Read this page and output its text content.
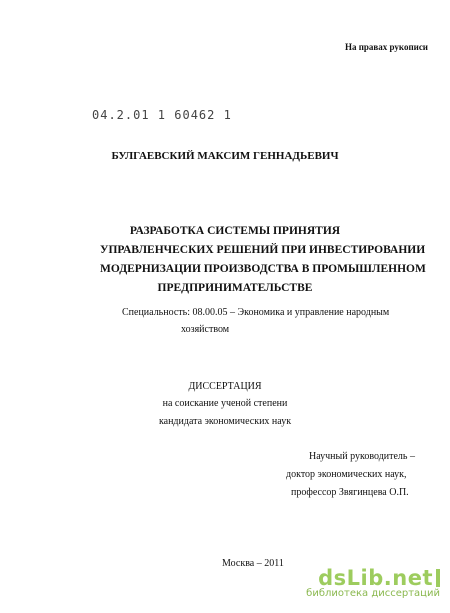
На правах рукописи
04.2.01 1 60462 1
БУЛГАЕВСКИЙ МАКСИМ ГЕННАДЬЕВИЧ
РАЗРАБОТКА СИСТЕМЫ ПРИНЯТИЯ
УПРАВЛЕНЧЕСКИХ РЕШЕНИЙ ПРИ ИНВЕСТИРОВАНИИ
МОДЕРНИЗАЦИИ ПРОИЗВОДСТВА В ПРОМЫШЛЕННОМ
ПРЕДПРИНИМАТЕЛЬСТВЕ
Специальность: 08.00.05 – Экономика и управление народным
хозяйством
ДИССЕРТАЦИЯ
на соискание ученой степени
кандидата экономических наук
Научный руководитель –
доктор экономических наук,
профессор Звягинцева О.П.
Москва – 2011
dsLib.net
библиотека диссертаций
